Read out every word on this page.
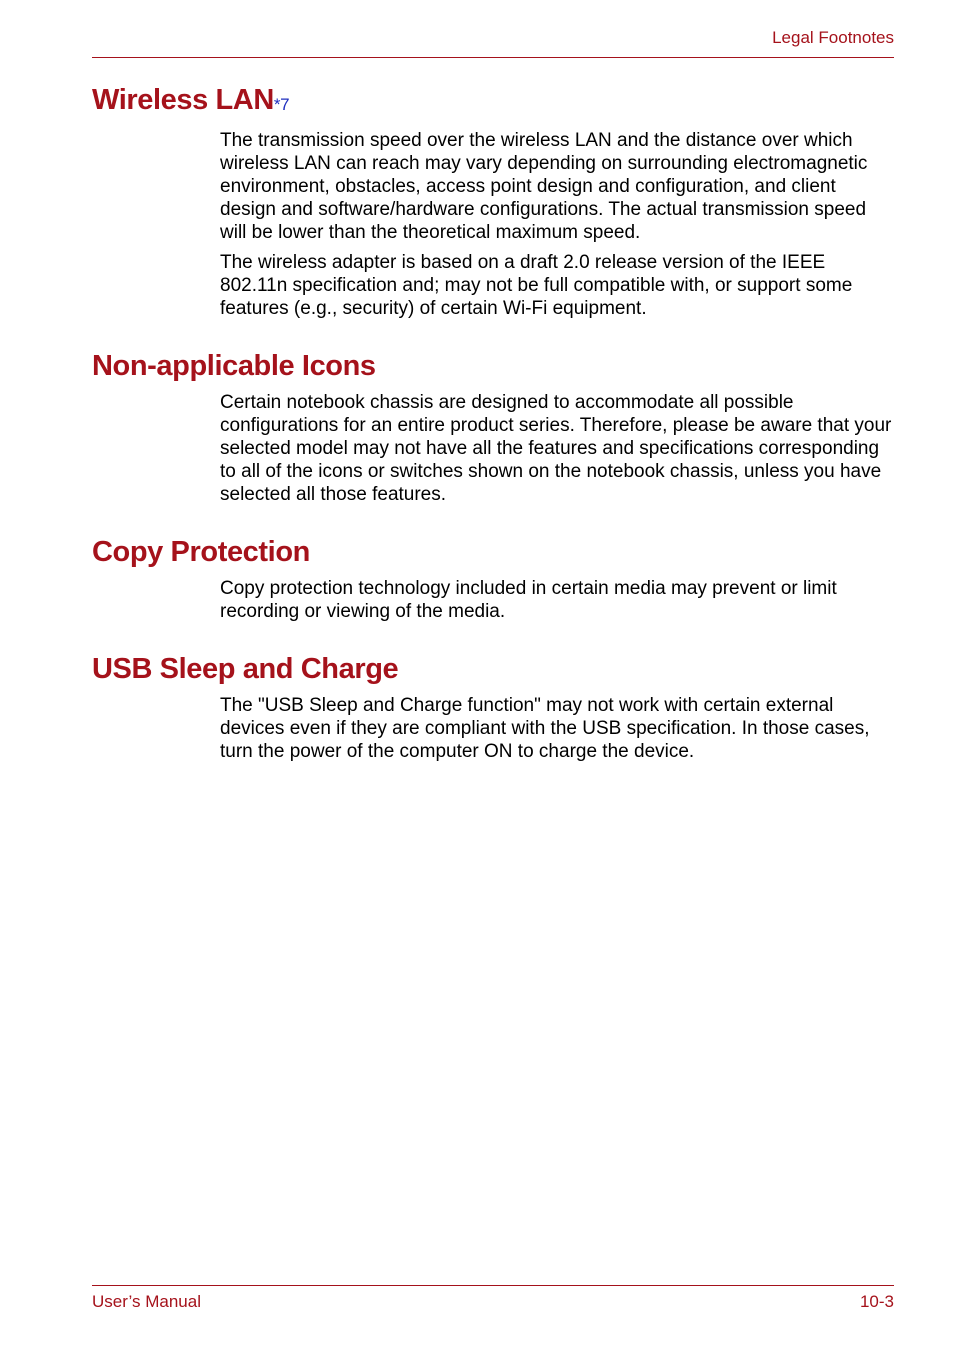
Legal Footnotes
Wireless LAN*7

The transmission speed over the wireless LAN and the distance over which wireless LAN can reach may vary depending on surrounding electromagnetic environment, obstacles, access point design and configuration, and client design and software/hardware configurations. The actual transmission speed will be lower than the theoretical maximum speed.

The wireless adapter is based on a draft 2.0 release version of the IEEE 802.11n specification and; may not be full compatible with, or support some features (e.g., security) of certain Wi-Fi equipment.

Non-applicable Icons

Certain notebook chassis are designed to accommodate all possible configurations for an entire product series. Therefore, please be aware that your selected model may not have all the features and specifications corresponding to all of the icons or switches shown on the notebook chassis, unless you have selected all those features.

Copy Protection

Copy protection technology included in certain media may prevent or limit recording or viewing of the media.

USB Sleep and Charge

The "USB Sleep and Charge function" may not work with certain external devices even if they are compliant with the USB specification. In those cases, turn the power of the computer ON to charge the device.

User’s Manual	10-3
